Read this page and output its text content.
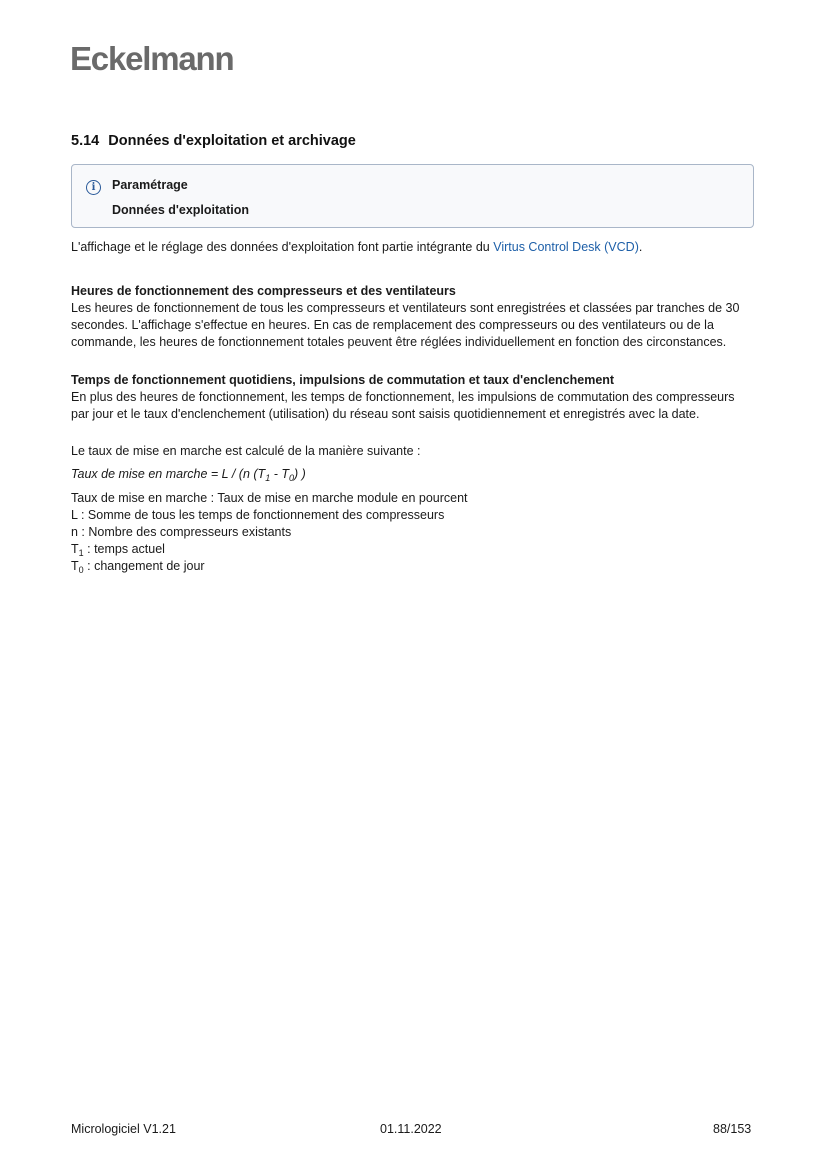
Eckelmann
5.14 Données d'exploitation et archivage
i	Paramétrage
Données d'exploitation
L'affichage et le réglage des données d'exploitation font partie intégrante du Virtus Control Desk (VCD).
Heures de fonctionnement des compresseurs et des ventilateurs
Les heures de fonctionnement de tous les compresseurs et ventilateurs sont enregistrées et classées par tranches de 30 secondes. L'affichage s'effectue en heures. En cas de remplacement des compresseurs ou des ventilateurs ou de la commande, les heures de fonctionnement totales peuvent être réglées individuellement en fonction des circonstances.
Temps de fonctionnement quotidiens, impulsions de commutation et taux d'enclenchement
En plus des heures de fonctionnement, les temps de fonctionnement, les impulsions de commutation des compresseurs par jour et le taux d'enclenchement (utilisation) du réseau sont saisis quotidiennement et enregistrés avec la date.
Le taux de mise en marche est calculé de la manière suivante :
Taux de mise en marche = L / (n $(T_1 - T_0)$ )
Taux de mise en marche : Taux de mise en marche module en pourcent
L : Somme de tous les temps de fonctionnement des compresseurs
n : Nombre des compresseurs existants
$T_1$ : temps actuel
$T_0$ : changement de jour
Micrologiciel V1.21	01.11.2022	88/153
